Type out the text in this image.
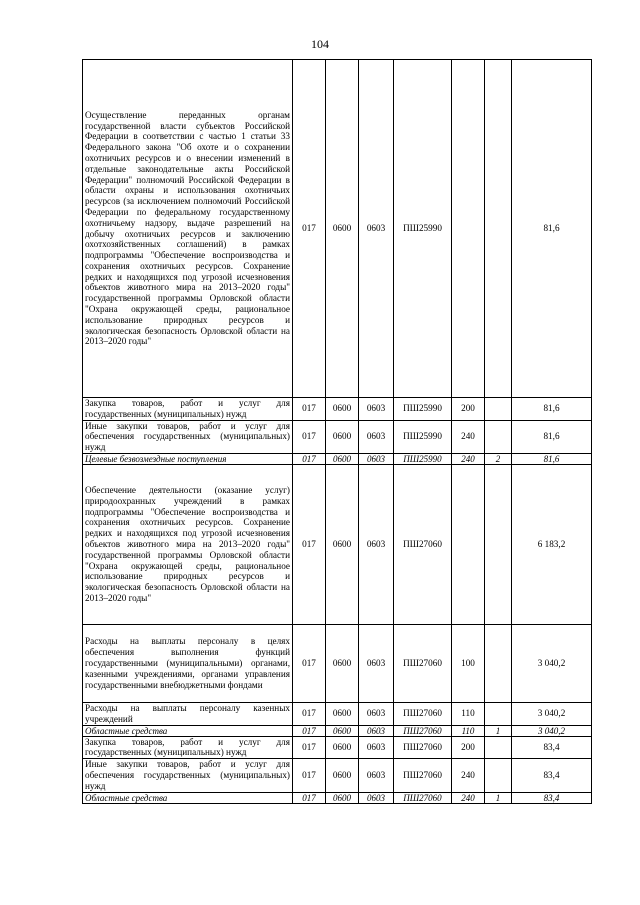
104
Осуществление переданных органам государственной власти субъектов Российской Федерации в соответствии с частью 1 статьи 33 Федерального закона "Об охоте и о сохранении охотничьих ресурсов и о внесении изменений в отдельные законодательные акты Российской Федерации" полномочий Российской Федерации в области охраны и использования охотничьих ресурсов (за исключением полномочий Российской Федерации по федеральному государственному охотничьему надзору, выдаче разрешений на добычу охотничьих ресурсов и заключению охотхозяйственных соглашений) в рамках подпрограммы "Обеспечение воспроизводства и сохранения охотничьих ресурсов. Сохранение редких и находящихся под угрозой исчезновения объектов животного мира на 2013–2020 годы" государственной программы Орловской области "Охрана окружающей среды, рациональное использование природных ресурсов и экологическая безопасность Орловской области на 2013–2020 годы"	017	0600	0603	ПШ25990			81,6
Закупка товаров, работ и услуг для государственных (муниципальных) нужд	017	0600	0603	ПШ25990	200		81,6
Иные закупки товаров, работ и услуг для обеспечения государственных (муниципальных) нужд	017	0600	0603	ПШ25990	240		81,6
Целевые безвозмездные поступления	017	0600	0603	ПШ25990	240	2	81,6
Обеспечение деятельности (оказание услуг) природоохранных учреждений в рамках подпрограммы "Обеспечение воспроизводства и сохранения охотничьих ресурсов. Сохранение редких и находящихся под угрозой исчезновения объектов животного мира на 2013–2020 годы" государственной программы Орловской области "Охрана окружающей среды, рациональное использование природных ресурсов и экологическая безопасность Орловской области на 2013–2020 годы"	017	0600	0603	ПШ27060			6 183,2
Расходы на выплаты персоналу в целях обеспечения выполнения функций государственными (муниципальными) органами, казенными учреждениями, органами управления государственными внебюджетными фондами	017	0600	0603	ПШ27060	100		3 040,2
Расходы на выплаты персоналу казенных учреждений	017	0600	0603	ПШ27060	110		3 040,2
Областные средства	017	0600	0603	ПШ27060	110	1	3 040,2
Закупка товаров, работ и услуг для государственных (муниципальных) нужд	017	0600	0603	ПШ27060	200		83,4
Иные закупки товаров, работ и услуг для обеспечения государственных (муниципальных) нужд	017	0600	0603	ПШ27060	240		83,4
Областные средства	017	0600	0603	ПШ27060	240	1	83,4
